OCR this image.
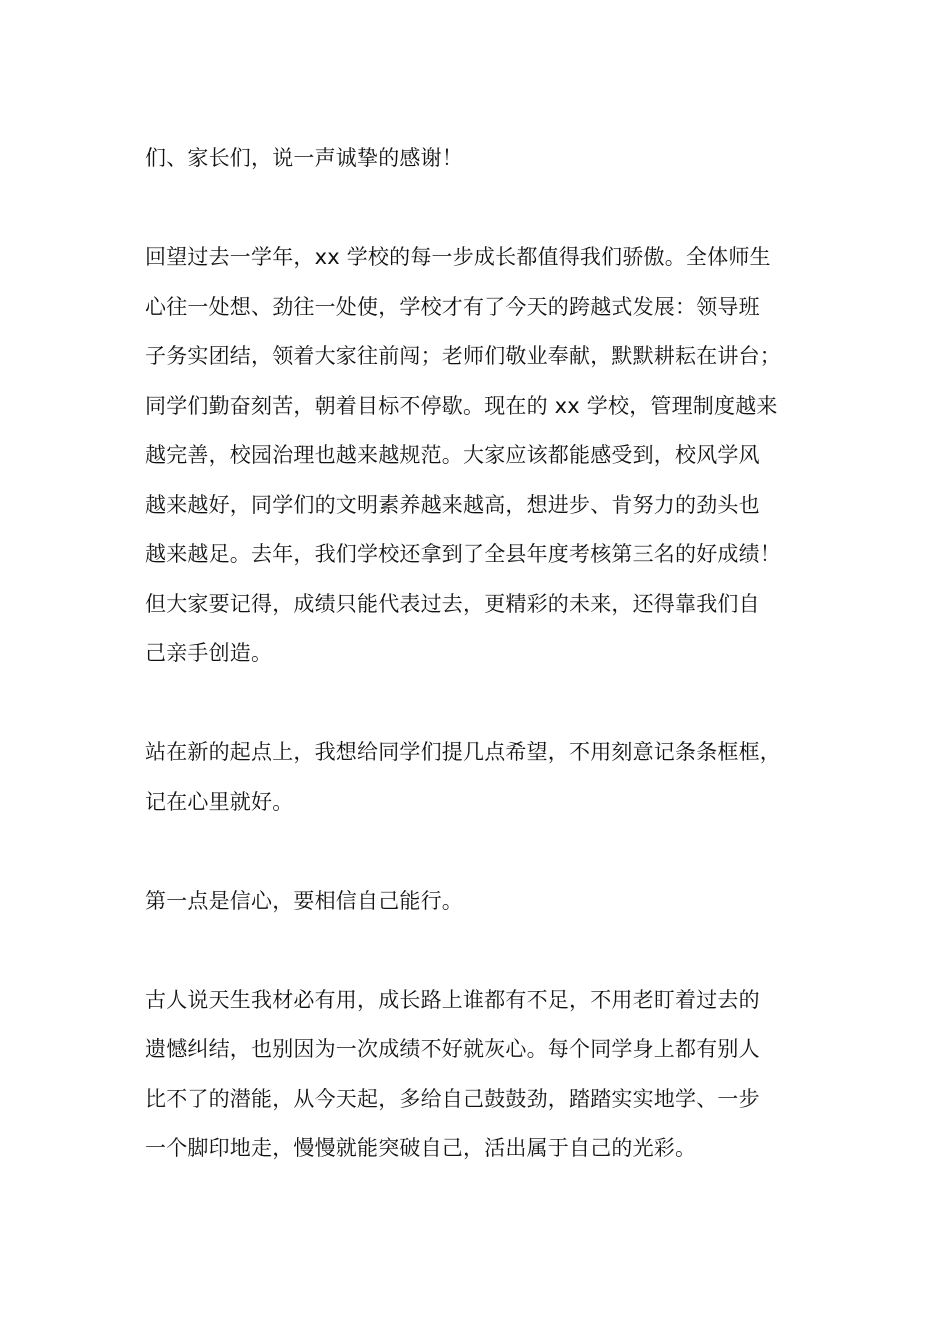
们、家长们，说一声诚挚的感谢！

回望过去一学年，xx 学校的每一步成长都值得我们骄傲。全体师生
心往一处想、劲往一处使，学校才有了今天的跨越式发展：领导班
子务实团结，领着大家往前闯；老师们敬业奉献，默默耕耘在讲台；
同学们勤奋刻苦，朝着目标不停歇。现在的 xx 学校，管理制度越来
越完善，校园治理也越来越规范。大家应该都能感受到，校风学风
越来越好，同学们的文明素养越来越高，想进步、肯努力的劲头也
越来越足。去年，我们学校还拿到了全县年度考核第三名的好成绩！
但大家要记得，成绩只能代表过去，更精彩的未来，还得靠我们自
己亲手创造。

站在新的起点上，我想给同学们提几点希望，不用刻意记条条框框，
记在心里就好。

第一点是信心，要相信自己能行。

古人说天生我材必有用，成长路上谁都有不足，不用老盯着过去的
遗憾纠结，也别因为一次成绩不好就灰心。每个同学身上都有别人
比不了的潜能，从今天起，多给自己鼓鼓劲，踏踏实实地学、一步
一个脚印地走，慢慢就能突破自己，活出属于自己的光彩。
